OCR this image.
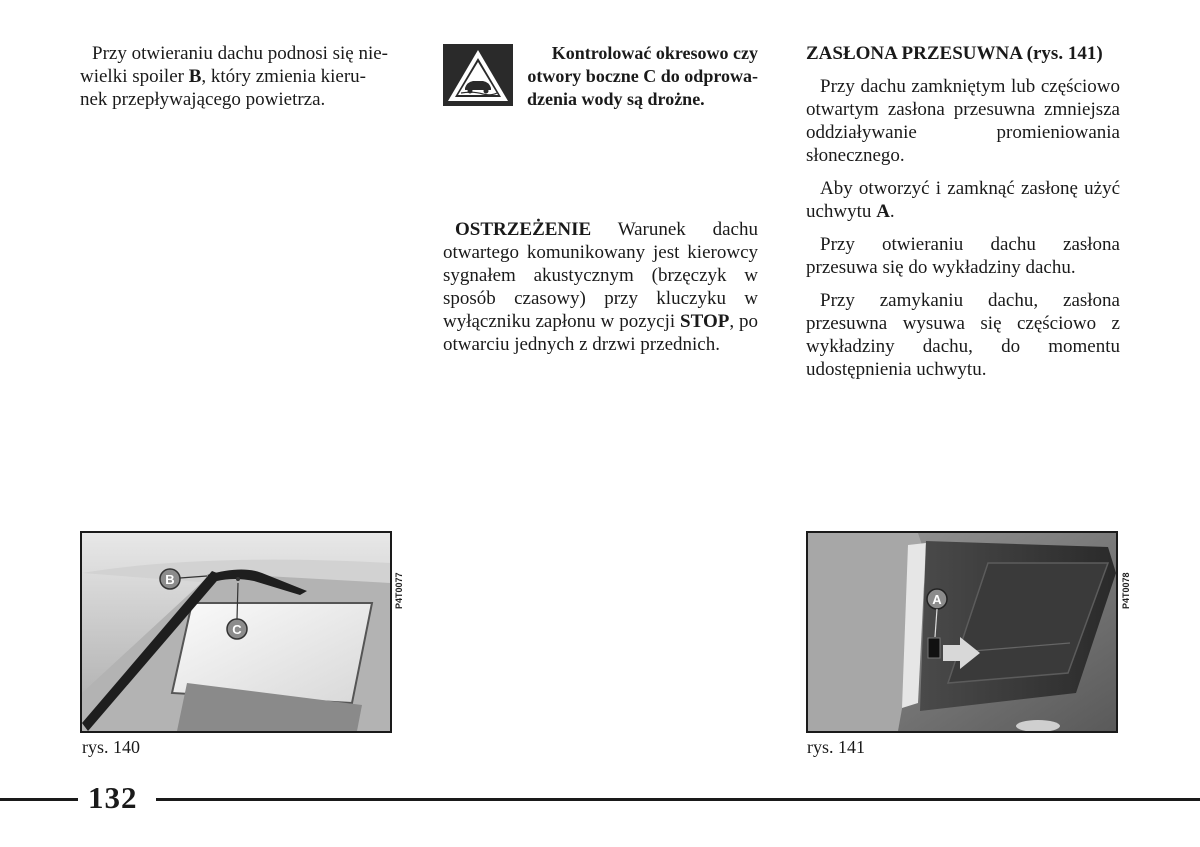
Przy otwieraniu dachu podnosi się nie-
wielki spoiler B, który zmienia kieru-
nek przepływającego powietrza.

Kontrolować okresowo czy
otwory boczne C do odprowa-
dzenia wody są drożne.

OSTRZEŻENIE Warunek dachu otwartego komunikowany jest kierowcy sygnałem akustycznym (brzęczyk w sposób czasowy) przy kluczyku w wyłączniku zapłonu w pozycji STOP, po otwarciu jednych z drzwi przednich.

ZASŁONA PRZESUWNA (rys. 141)

Przy dachu zamkniętym lub częściowo otwartym zasłona przesuwna zmniejsza oddziaływanie promieniowania słonecznego.

Aby otworzyć i zamknąć zasłonę użyć uchwytu A.

Przy otwieraniu dachu zasłona przesuwa się do wykładziny dachu.

Przy zamykaniu dachu, zasłona przesuwna wysuwa się częściowo z wykładziny dachu, do momentu udostępnienia uchwytu.

B
C
P4T0077
rys. 140
A	P4T0078
rys. 141
132
